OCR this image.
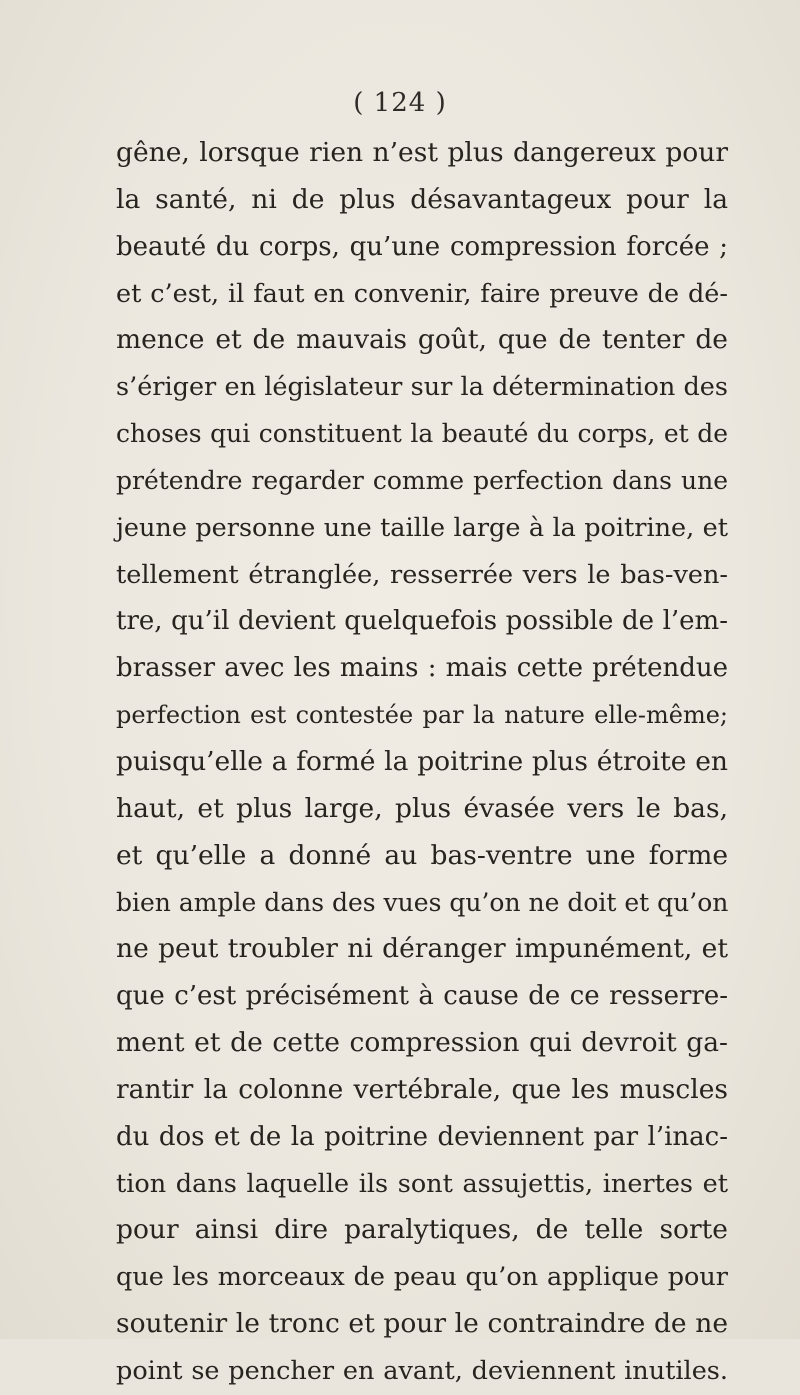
( 124 )
gêne, lorsque rien n’est plus dangereux pour
la santé, ni de plus désavantageux pour la
beauté du corps, qu’une compression forcée ;
et c’est, il faut en convenir, faire preuve de dé-
mence et de mauvais goût, que de tenter de
s’ériger en législateur sur la détermination des
choses qui constituent la beauté du corps, et de
prétendre regarder comme perfection dans une
jeune personne une taille large à la poitrine, et
tellement étranglée, resserrée vers le bas-ven-
tre, qu’il devient quelquefois possible de l’em-
brasser avec les mains : mais cette prétendue
perfection est contestée par la nature elle-même;
puisqu’elle a formé la poitrine plus étroite en
haut, et plus large, plus évasée vers le bas,
et qu’elle a donné au bas-ventre une forme
bien ample dans des vues qu’on ne doit et qu’on
ne peut troubler ni déranger impunément, et
que c’est précisément à cause de ce resserre-
ment et de cette compression qui devroit ga-
rantir la colonne vertébrale, que les muscles
du dos et de la poitrine deviennent par l’inac-
tion dans laquelle ils sont assujettis, inertes et
pour ainsi dire paralytiques, de telle sorte
que les morceaux de peau qu’on applique pour
soutenir le tronc et pour le contraindre de ne
point se pencher en avant, deviennent inutiles.
